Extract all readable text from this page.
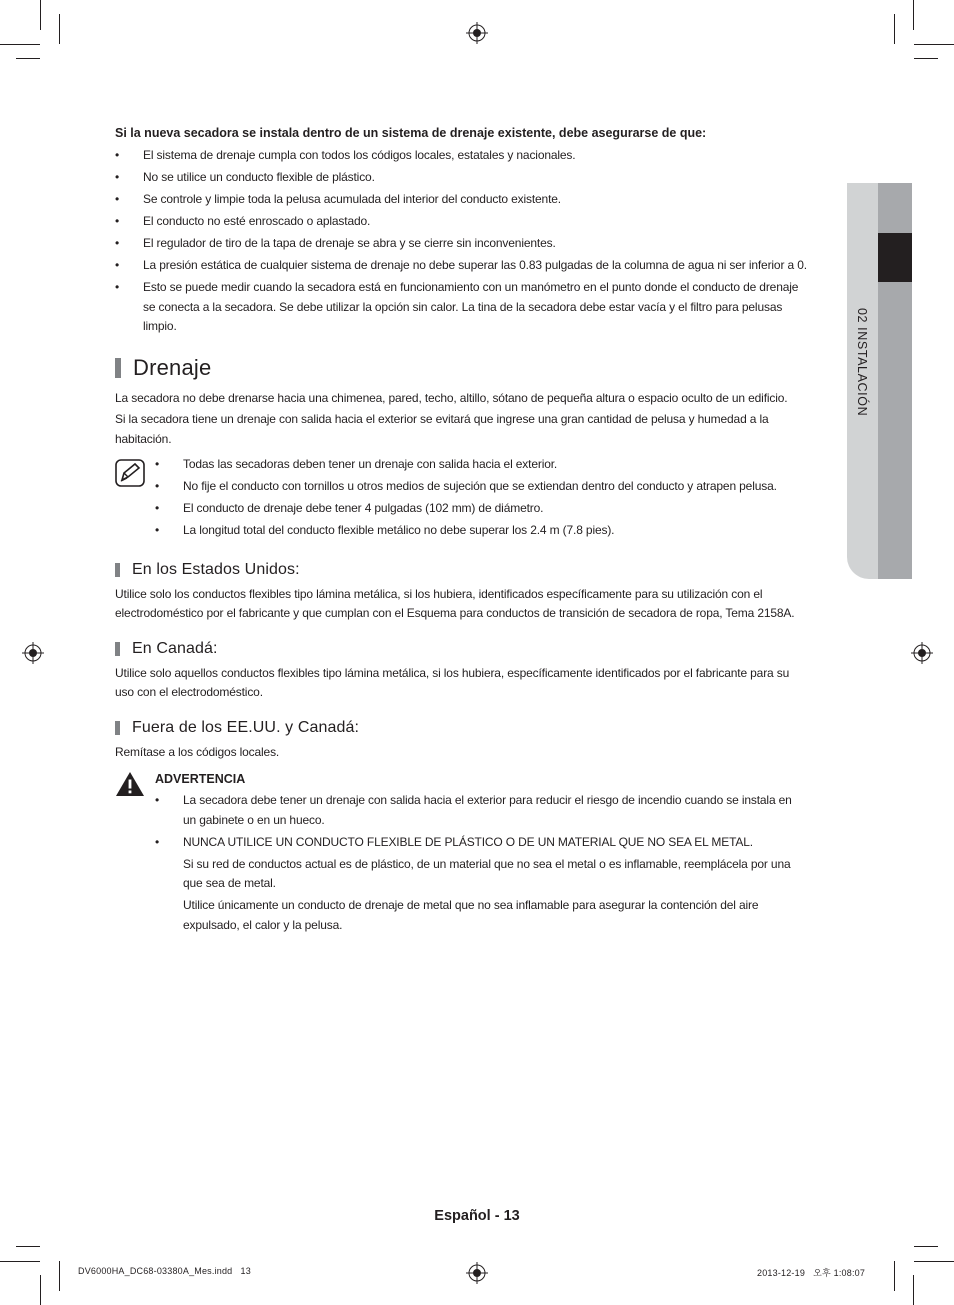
02 INSTALACIÓN
Si la nueva secadora se instala dentro de un sistema de drenaje existente, debe asegurarse de que:
• El sistema de drenaje cumpla con todos los códigos locales, estatales y nacionales.
• No se utilice un conducto flexible de plástico.
• Se controle y limpie toda la pelusa acumulada del interior del conducto existente.
• El conducto no esté enroscado o aplastado.
• El regulador de tiro de la tapa de drenaje se abra y se cierre sin inconvenientes.
• La presión estática de cualquier sistema de drenaje no debe superar las 0.83 pulgadas de la columna de agua ni ser inferior a 0.
• Esto se puede medir cuando la secadora está en funcionamiento con un manómetro en el punto donde el conducto de drenaje se conecta a la secadora. Se debe utilizar la opción sin calor. La tina de la secadora debe estar vacía y el filtro para pelusas limpio.
Drenaje

La secadora no debe drenarse hacia una chimenea, pared, techo, altillo, sótano de pequeña altura o espacio oculto de un edificio.

Si la secadora tiene un drenaje con salida hacia el exterior se evitará que ingrese una gran cantidad de pelusa y humedad a la habitación.

• Todas las secadoras deben tener un drenaje con salida hacia el exterior.
• No fije el conducto con tornillos u otros medios de sujeción que se extiendan dentro del conducto y atrapen pelusa.
• El conducto de drenaje debe tener 4 pulgadas (102 mm) de diámetro.
• La longitud total del conducto flexible metálico no debe superar los 2.4 m (7.8 pies).
En los Estados Unidos:

Utilice solo los conductos flexibles tipo lámina metálica, si los hubiera, identificados específicamente para su utilización con el electrodoméstico por el fabricante y que cumplan con el Esquema para conductos de transición de secadora de ropa, Tema 2158A.

En Canadá:

Utilice solo aquellos conductos flexibles tipo lámina metálica, si los hubiera, específicamente identificados por el fabricante para su uso con el electrodoméstico.

Fuera de los EE.UU. y Canadá:

Remítase a los códigos locales.

ADVERTENCIA
• La secadora debe tener un drenaje con salida hacia el exterior para reducir el riesgo de incendio cuando se instala en un gabinete o en un hueco.
• NUNCA UTILICE UN CONDUCTO FLEXIBLE DE PLÁSTICO O DE UN MATERIAL QUE NO SEA EL METAL.

Si su red de conductos actual es de plástico, de un material que no sea el metal o es inflamable, reemplácela por una que sea de metal.

Utilice únicamente un conducto de drenaje de metal que no sea inflamable para asegurar la contención del aire expulsado, el calor y la pelusa.

Español - 13
DV6000HA_DC68-03380A_Mes.indd   13	2013-12-19   오후 1:08:07
